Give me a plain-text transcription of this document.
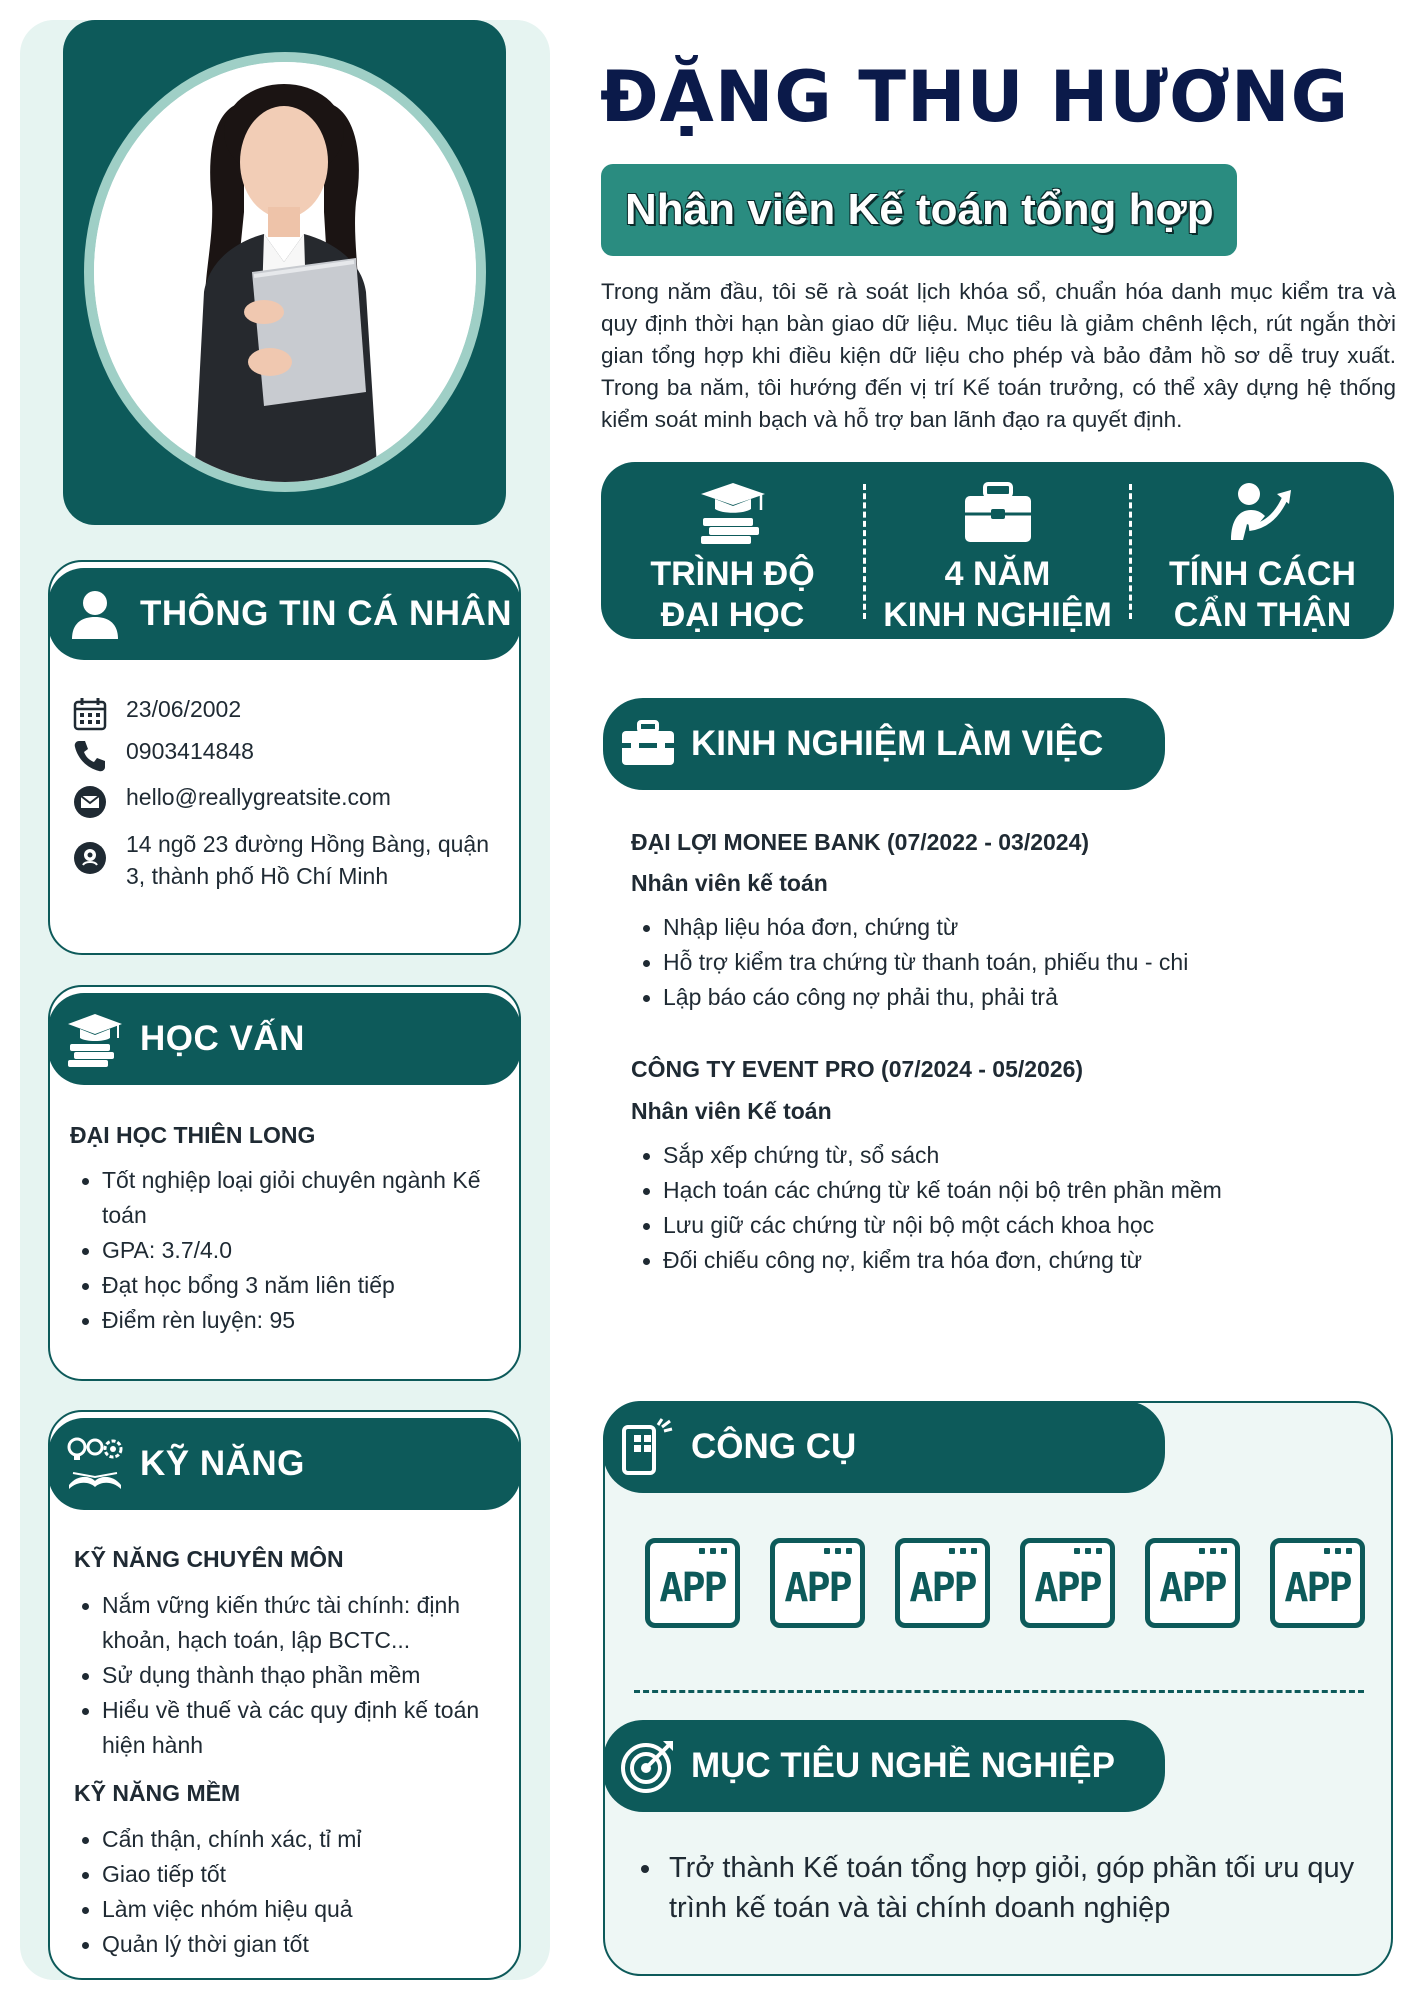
THÔNG TIN CÁ NHÂN
23/06/2002
0903414848
hello@reallygreatsite.com
14 ngõ 23 đường Hồng Bàng, quận
3, thành phố Hồ Chí Minh
HỌC VẤN
ĐẠI HỌC THIÊN LONG
Tốt nghiệp loại giỏi chuyên ngành Kế toán
GPA: 3.7/4.0
Đạt học bổng 3 năm liên tiếp
Điểm rèn luyện: 95
KỸ NĂNG
KỸ NĂNG CHUYÊN MÔN
Nắm vững kiến thức tài chính: định khoản, hạch toán, lập BCTC...
Sử dụng thành thạo phần mềm
Hiểu về thuế và các quy định kế toán hiện hành
KỸ NĂNG MỀM
Cẩn thận, chính xác, tỉ mỉ
Giao tiếp tốt
Làm việc nhóm hiệu quả
Quản lý thời gian tốt
ĐẶNG THU HƯƠNG
Nhân viên Kế toán tổng hợp
Trong năm đầu, tôi sẽ rà soát lịch khóa sổ, chuẩn hóa danh mục kiểm tra và quy định thời hạn bàn giao dữ liệu. Mục tiêu là giảm chênh lệch, rút ngắn thời gian tổng hợp khi điều kiện dữ liệu cho phép và bảo đảm hồ sơ dễ truy xuất. Trong ba năm, tôi hướng đến vị trí Kế toán trưởng, có thể xây dựng hệ thống kiểm soát minh bạch và hỗ trợ ban lãnh đạo ra quyết định.
TRÌNH ĐỘ
ĐẠI HỌC
4 NĂM
KINH NGHIỆM
TÍNH CÁCH
CẨN THẬN
KINH NGHIỆM LÀM VIỆC
ĐẠI LỢI MONEE BANK (07/2022 - 03/2024)
Nhân viên kế toán
Nhập liệu hóa đơn, chứng từ
Hỗ trợ kiểm tra chứng từ thanh toán, phiếu thu - chi
Lập báo cáo công nợ phải thu, phải trả
CÔNG TY EVENT PRO (07/2024 - 05/2026)
Nhân viên Kế toán
Sắp xếp chứng từ, sổ sách
Hạch toán các chứng từ kế toán nội bộ trên phần mềm
Lưu giữ các chứng từ nội bộ một cách khoa học
Đối chiếu công nợ, kiểm tra hóa đơn, chứng từ
CÔNG CỤ
APP APP APP APP APP APP
MỤC TIÊU NGHỀ NGHIỆP
Trở thành Kế toán tổng hợp giỏi, góp phần tối ưu quy trình kế toán và tài chính doanh nghiệp
